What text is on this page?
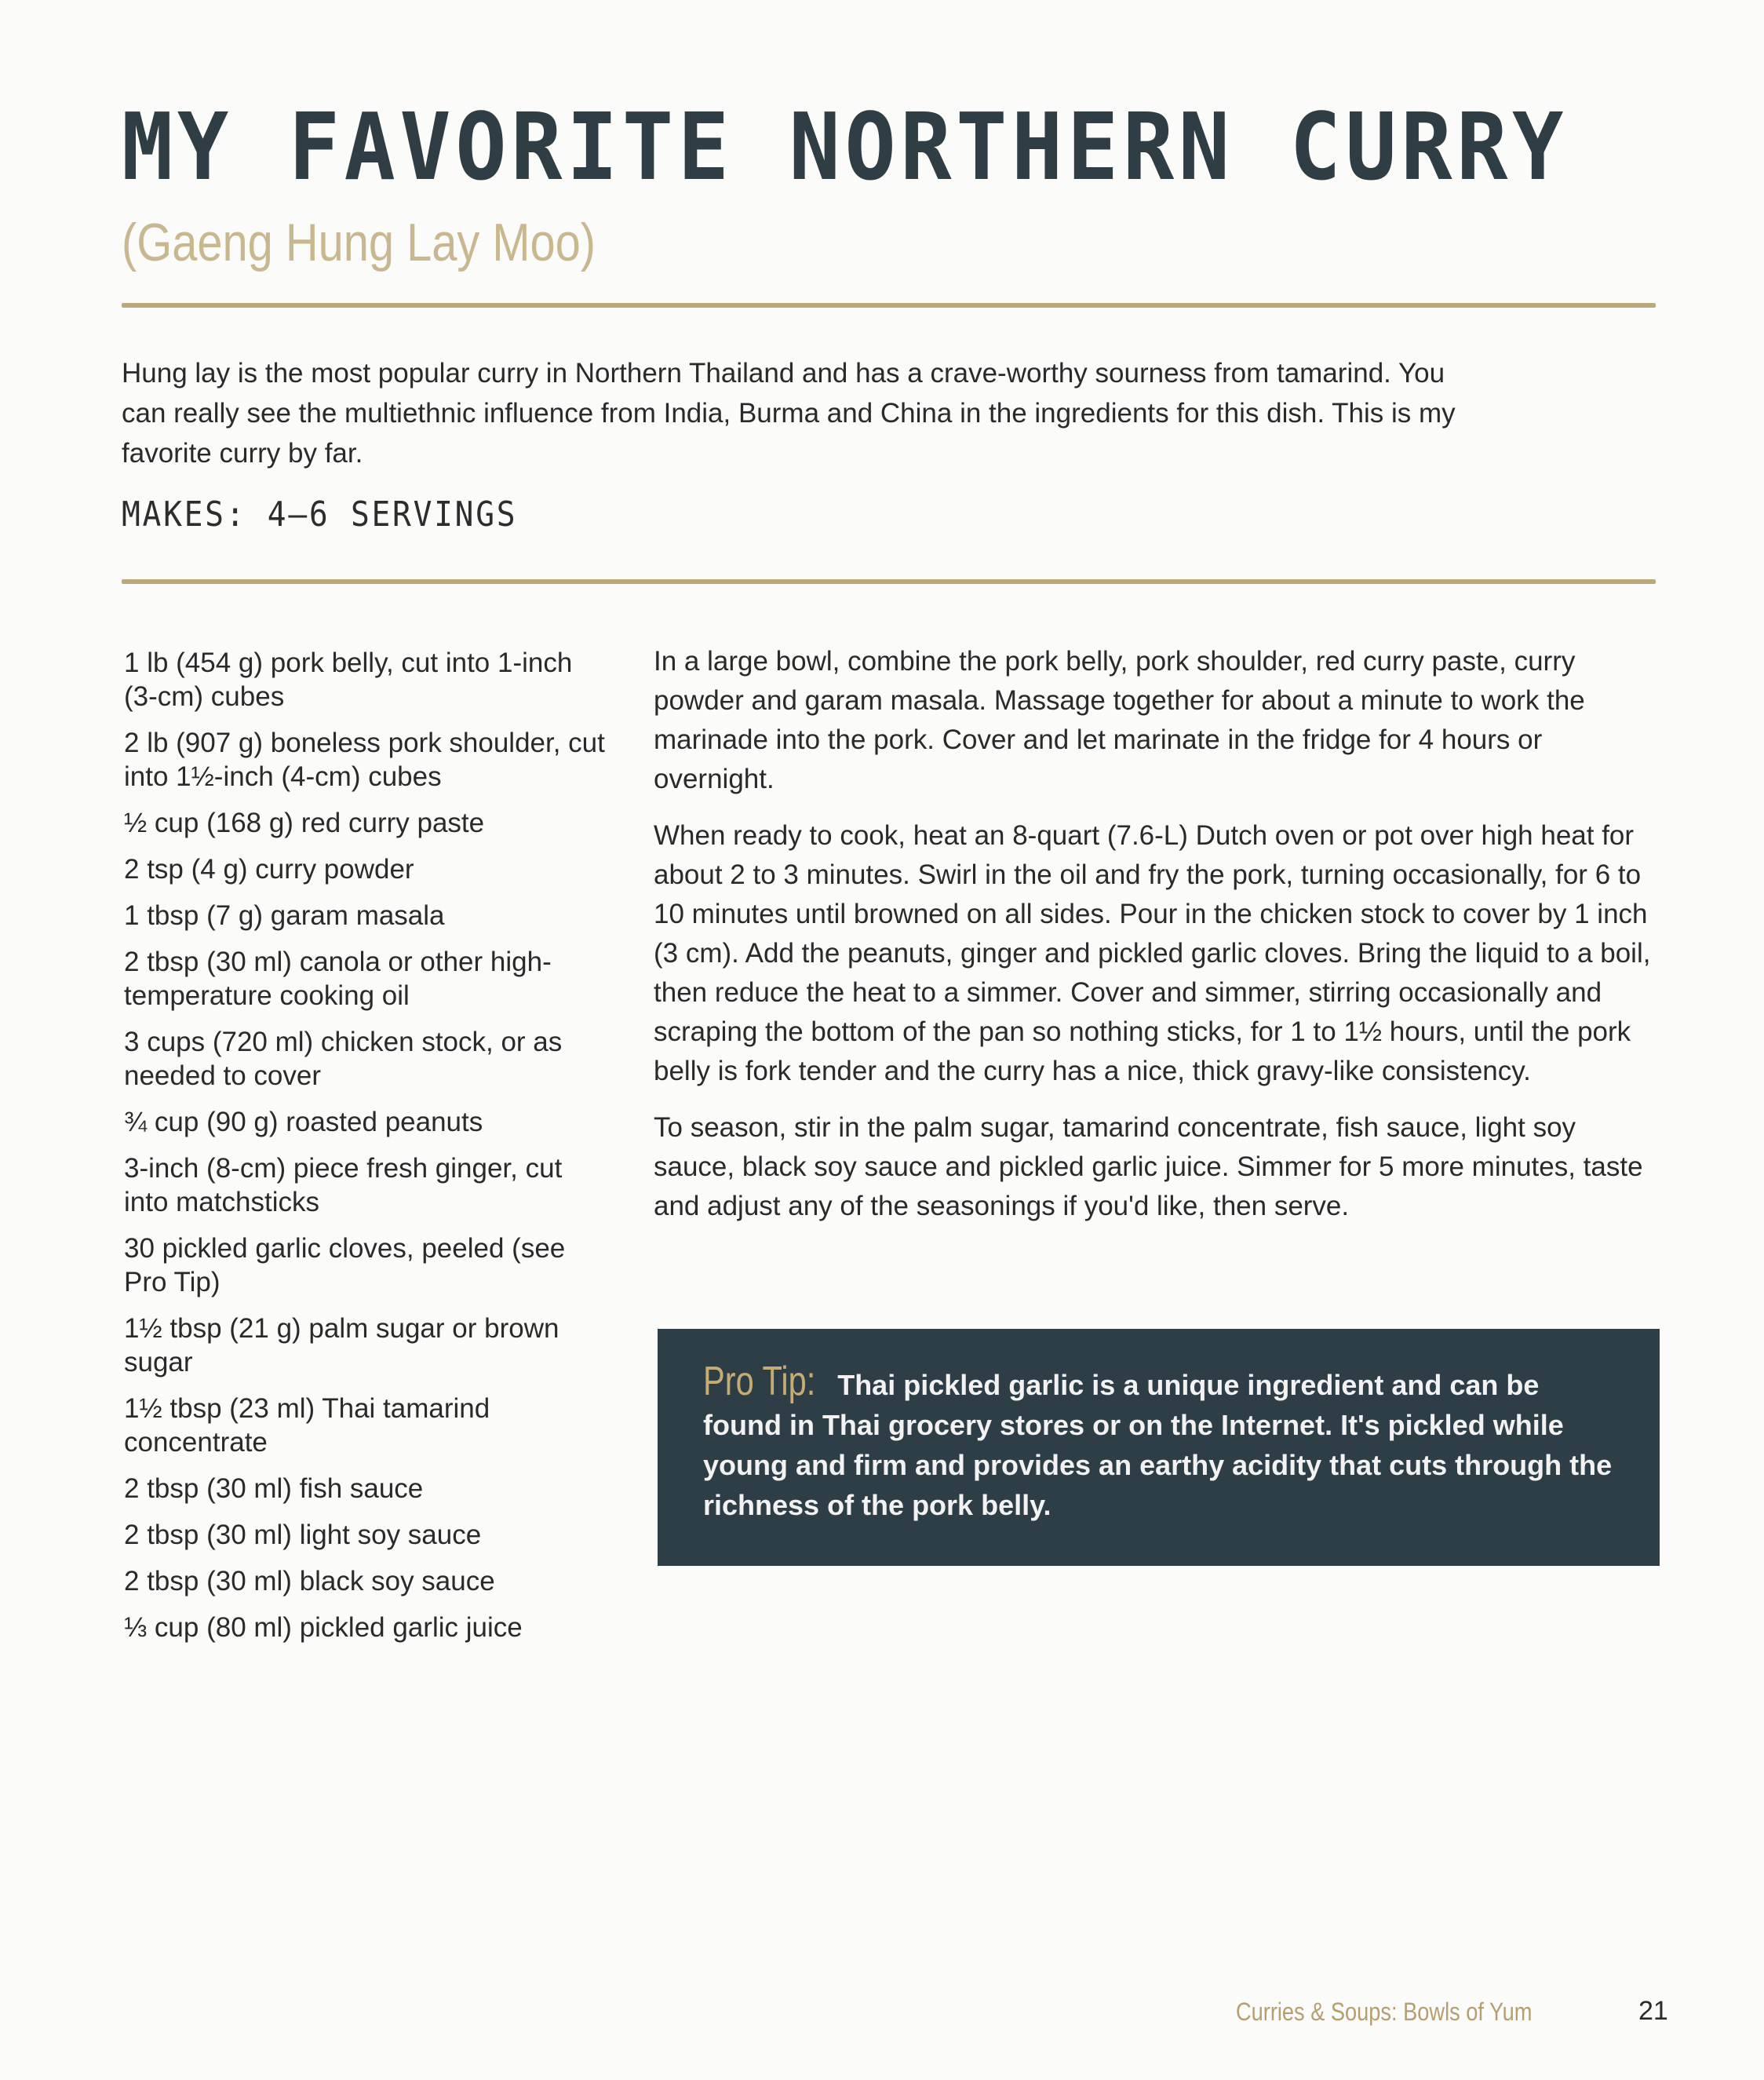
MY FAVORITE NORTHERN CURRY
(Gaeng Hung Lay Moo)

Hung lay is the most popular curry in Northern Thailand and has a crave-worthy sourness from tamarind. You can really see the multiethnic influence from India, Burma and China in the ingredients for this dish. This is my favorite curry by far.

MAKES: 4–6 SERVINGS
1 lb (454 g) pork belly, cut into 1-inch (3-cm) cubes
2 lb (907 g) boneless pork shoulder, cut into 1½-inch (4-cm) cubes
½ cup (168 g) red curry paste
2 tsp (4 g) curry powder
1 tbsp (7 g) garam masala
2 tbsp (30 ml) canola or other high-temperature cooking oil
3 cups (720 ml) chicken stock, or as needed to cover
¾ cup (90 g) roasted peanuts
3-inch (8-cm) piece fresh ginger, cut into matchsticks
30 pickled garlic cloves, peeled (see Pro Tip)
1½ tbsp (21 g) palm sugar or brown sugar
1½ tbsp (23 ml) Thai tamarind concentrate
2 tbsp (30 ml) fish sauce
2 tbsp (30 ml) light soy sauce
2 tbsp (30 ml) black soy sauce
⅓ cup (80 ml) pickled garlic juice

In a large bowl, combine the pork belly, pork shoulder, red curry paste, curry powder and garam masala. Massage together for about a minute to work the marinade into the pork. Cover and let marinate in the fridge for 4 hours or overnight.

When ready to cook, heat an 8-quart (7.6-L) Dutch oven or pot over high heat for about 2 to 3 minutes. Swirl in the oil and fry the pork, turning occasionally, for 6 to 10 minutes until browned on all sides. Pour in the chicken stock to cover by 1 inch (3 cm). Add the peanuts, ginger and pickled garlic cloves. Bring the liquid to a boil, then reduce the heat to a simmer. Cover and simmer, stirring occasionally and scraping the bottom of the pan so nothing sticks, for 1 to 1½ hours, until the pork belly is fork tender and the curry has a nice, thick gravy-like consistency.

To season, stir in the palm sugar, tamarind concentrate, fish sauce, light soy sauce, black soy sauce and pickled garlic juice. Simmer for 5 more minutes, taste and adjust any of the seasonings if you'd like, then serve.

Pro Tip: Thai pickled garlic is a unique ingredient and can be found in Thai grocery stores or on the Internet. It's pickled while young and firm and provides an earthy acidity that cuts through the richness of the pork belly.
Curries & Soups: Bowls of Yum	21
